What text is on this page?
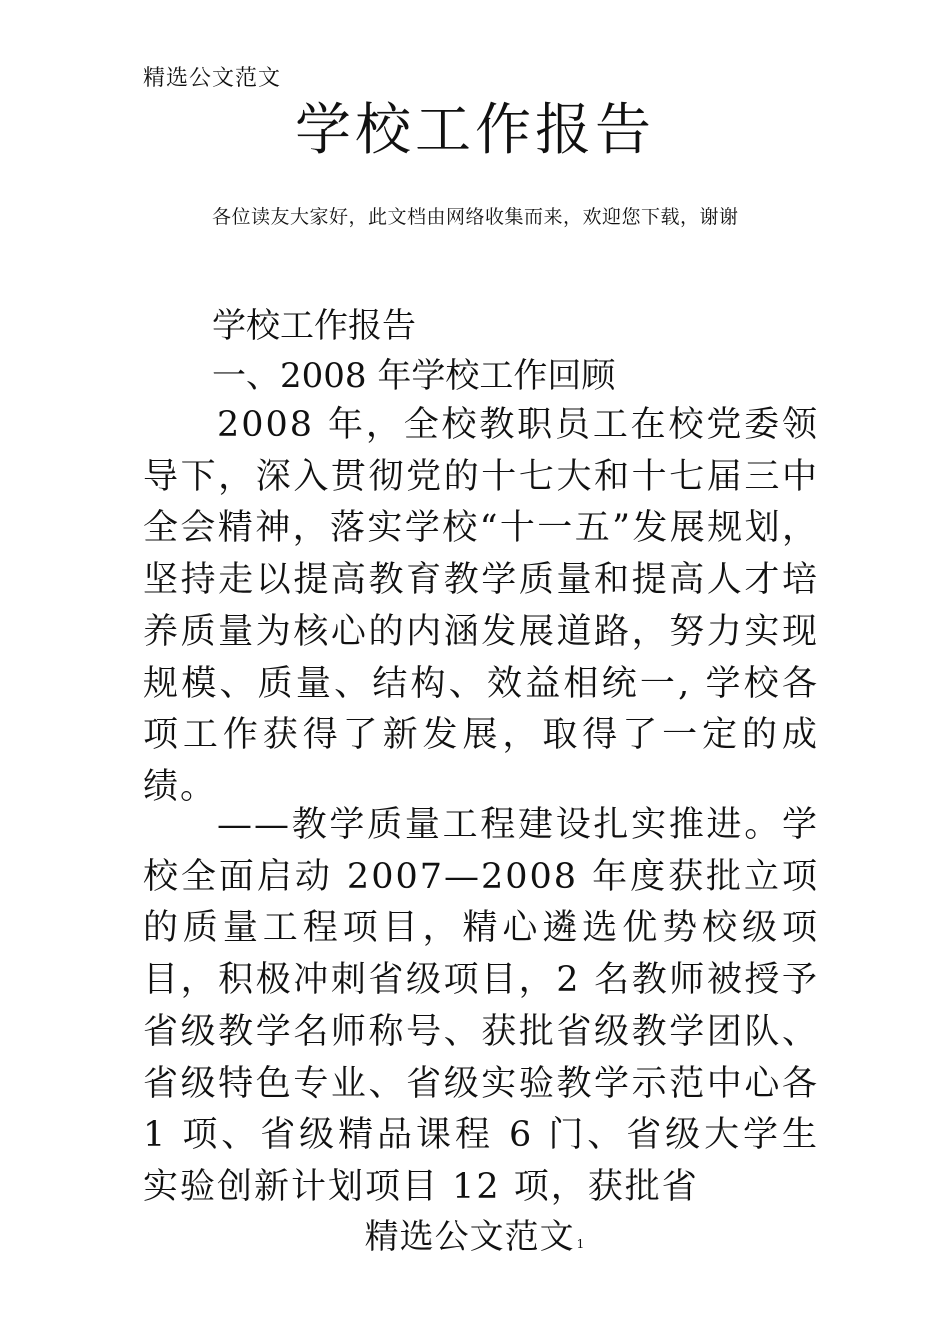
精选公文范文
学校工作报告
各位读友大家好，此文档由网络收集而来，欢迎您下载，谢谢
学校工作报告
一、2008 年学校工作回顾

2008 年，全校教职员工在校党委领导下，深入贯彻党的十七大和十七届三中全会精神，落实学校“十一五”发展规划，坚持走以提高教育教学质量和提高人才培养质量为核心的内涵发展道路，努力实现规模、质量、结构、效益相统一, 学校各项工作获得了新发展，取得了一定的成绩。

——教学质量工程建设扎实推进。学校全面启动 2007—2008 年度获批立项的质量工程项目，精心遴选优势校级项目，积极冲刺省级项目，2 名教师被授予省级教学名师称号、获批省级教学团队、省级特色专业、省级实验教学示范中心各 1 项、省级精品课程 6 门、省级大学生实验创新计划项目 12 项，获批省

精选公文范文 1
